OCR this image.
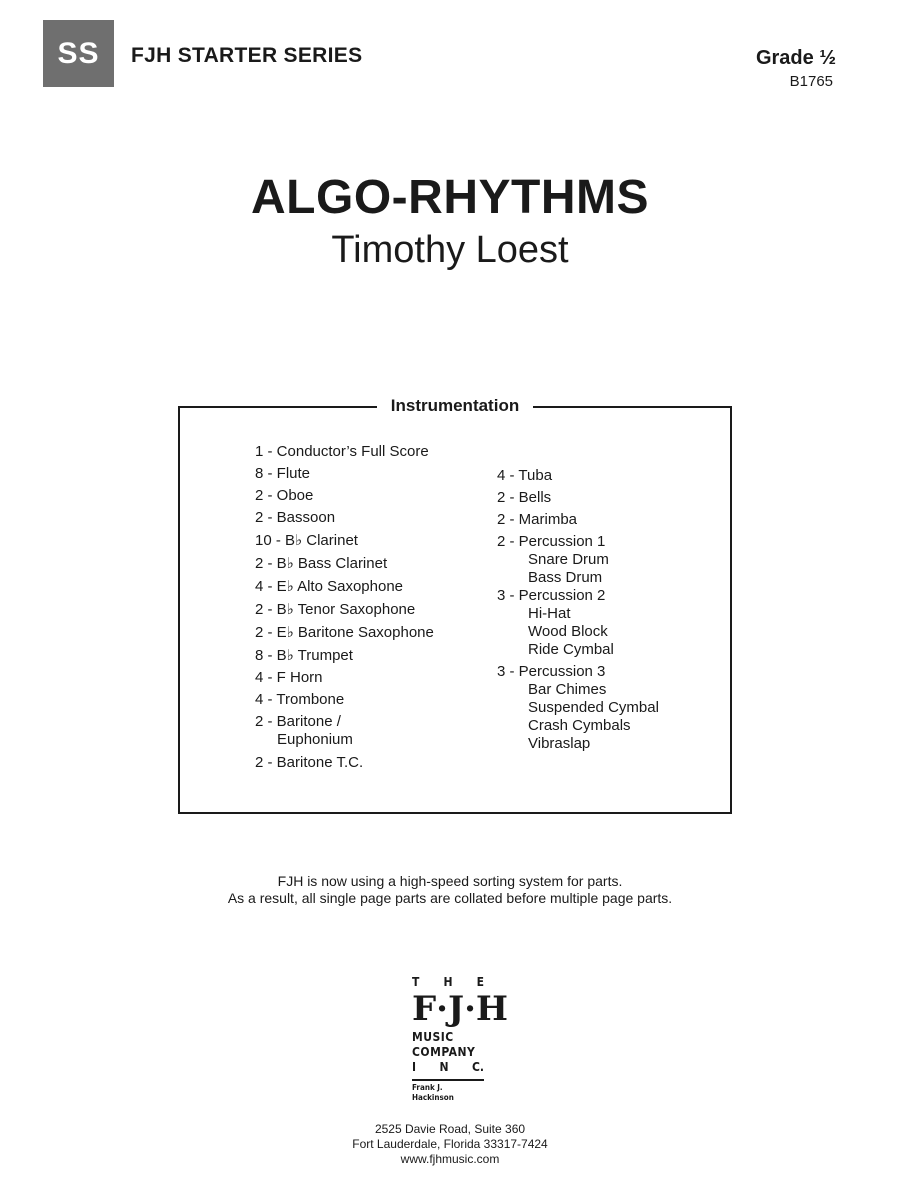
SS	FJH STARTER SERIES	Grade ½
B1765
ALGO-RHYTHMS
Timothy Loest
Instrumentation

1 - Conductor’s Full Score

8 - Flute

2 - Oboe

2 - Bassoon

10 - B♭ Clarinet

2 - B♭ Bass Clarinet

4 - E♭ Alto Saxophone

2 - B♭ Tenor Saxophone

2 - E♭ Baritone Saxophone

8 - B♭ Trumpet

4 - F Horn

4 - Trombone

2 - Baritone /
Euphonium

2 - Baritone T.C.

4 - Tuba

2 - Bells

2 - Marimba

2 - Percussion 1
Snare Drum
Bass Drum

3 - Percussion 2
Hi-Hat
Wood Block
Ride Cymbal

3 - Percussion 3
Bar Chimes
Suspended Cymbal
Crash Cymbals
Vibraslap

FJH is now using a high-speed sorting system for parts.
As a result, all single page parts are collated before multiple page parts.
T H E
F · J · H
MUSIC
COMPANY
I N C.
Frank J. Hackinson
2525 Davie Road, Suite 360
Fort Lauderdale, Florida 33317-7424
www.fjhmusic.com
